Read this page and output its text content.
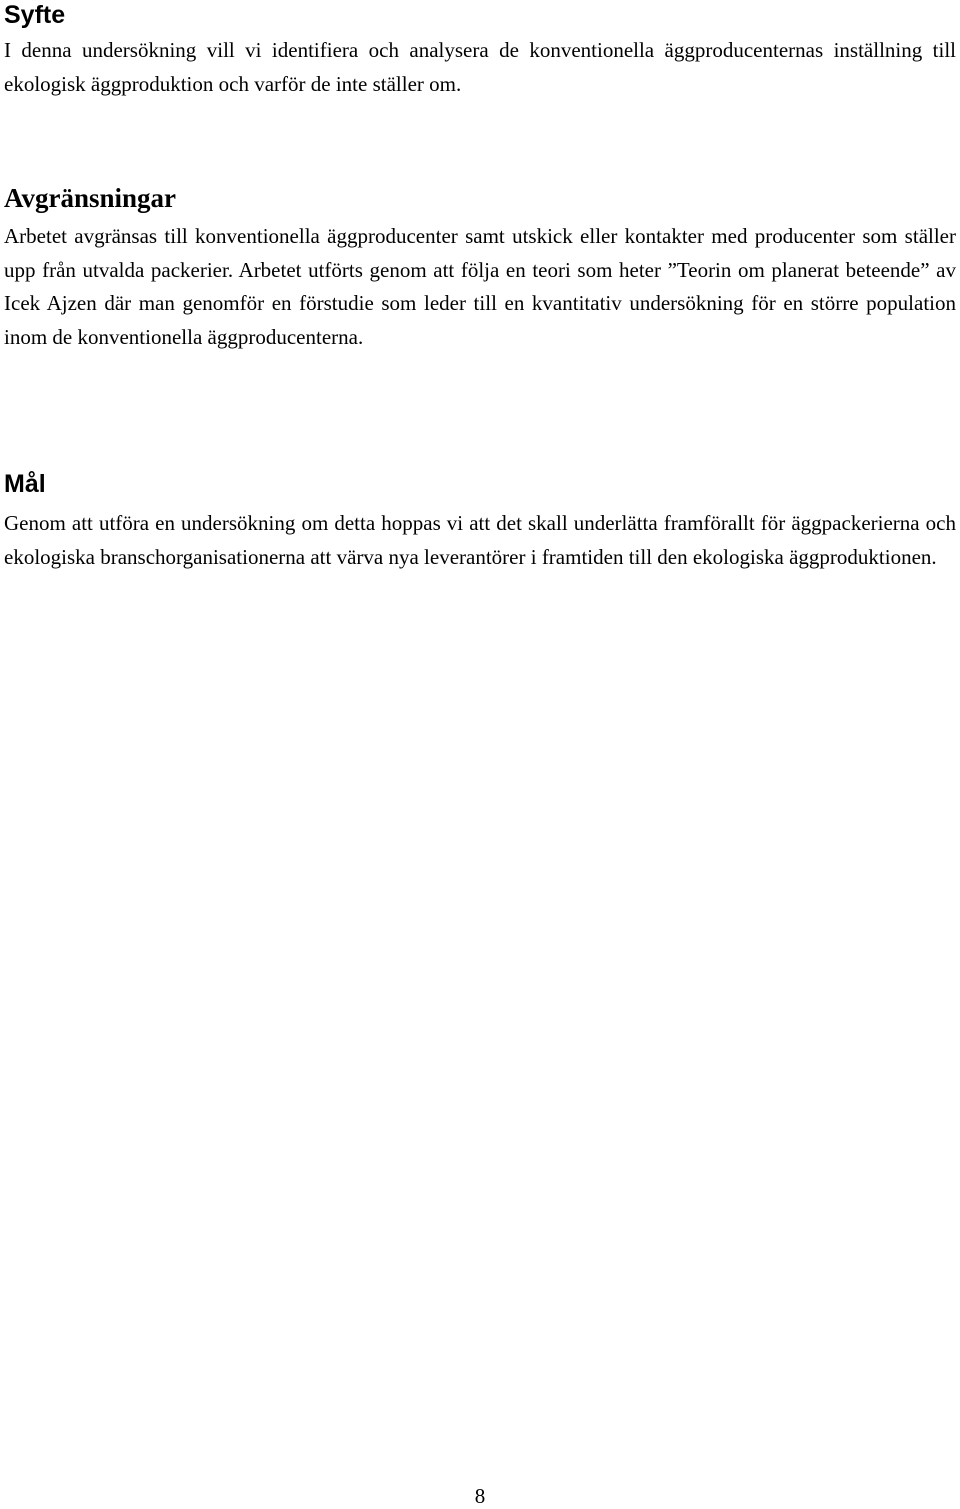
Syfte

I denna undersökning vill vi identifiera och analysera de konventionella äggproducenternas inställning till ekologisk äggproduktion och varför de inte ställer om.

Avgränsningar

Arbetet avgränsas till konventionella äggproducenter samt utskick eller kontakter med producenter som ställer upp från utvalda packerier. Arbetet utförts genom att följa en teori som heter ”Teorin om planerat beteende” av Icek Ajzen där man genomför en förstudie som leder till en kvantitativ undersökning för en större population inom de konventionella äggproducenterna.

Mål

Genom att utföra en undersökning om detta hoppas vi att det skall underlätta framförallt för äggpackerierna och ekologiska branschorganisationerna att värva nya leverantörer i framtiden till den ekologiska äggproduktionen.

8
